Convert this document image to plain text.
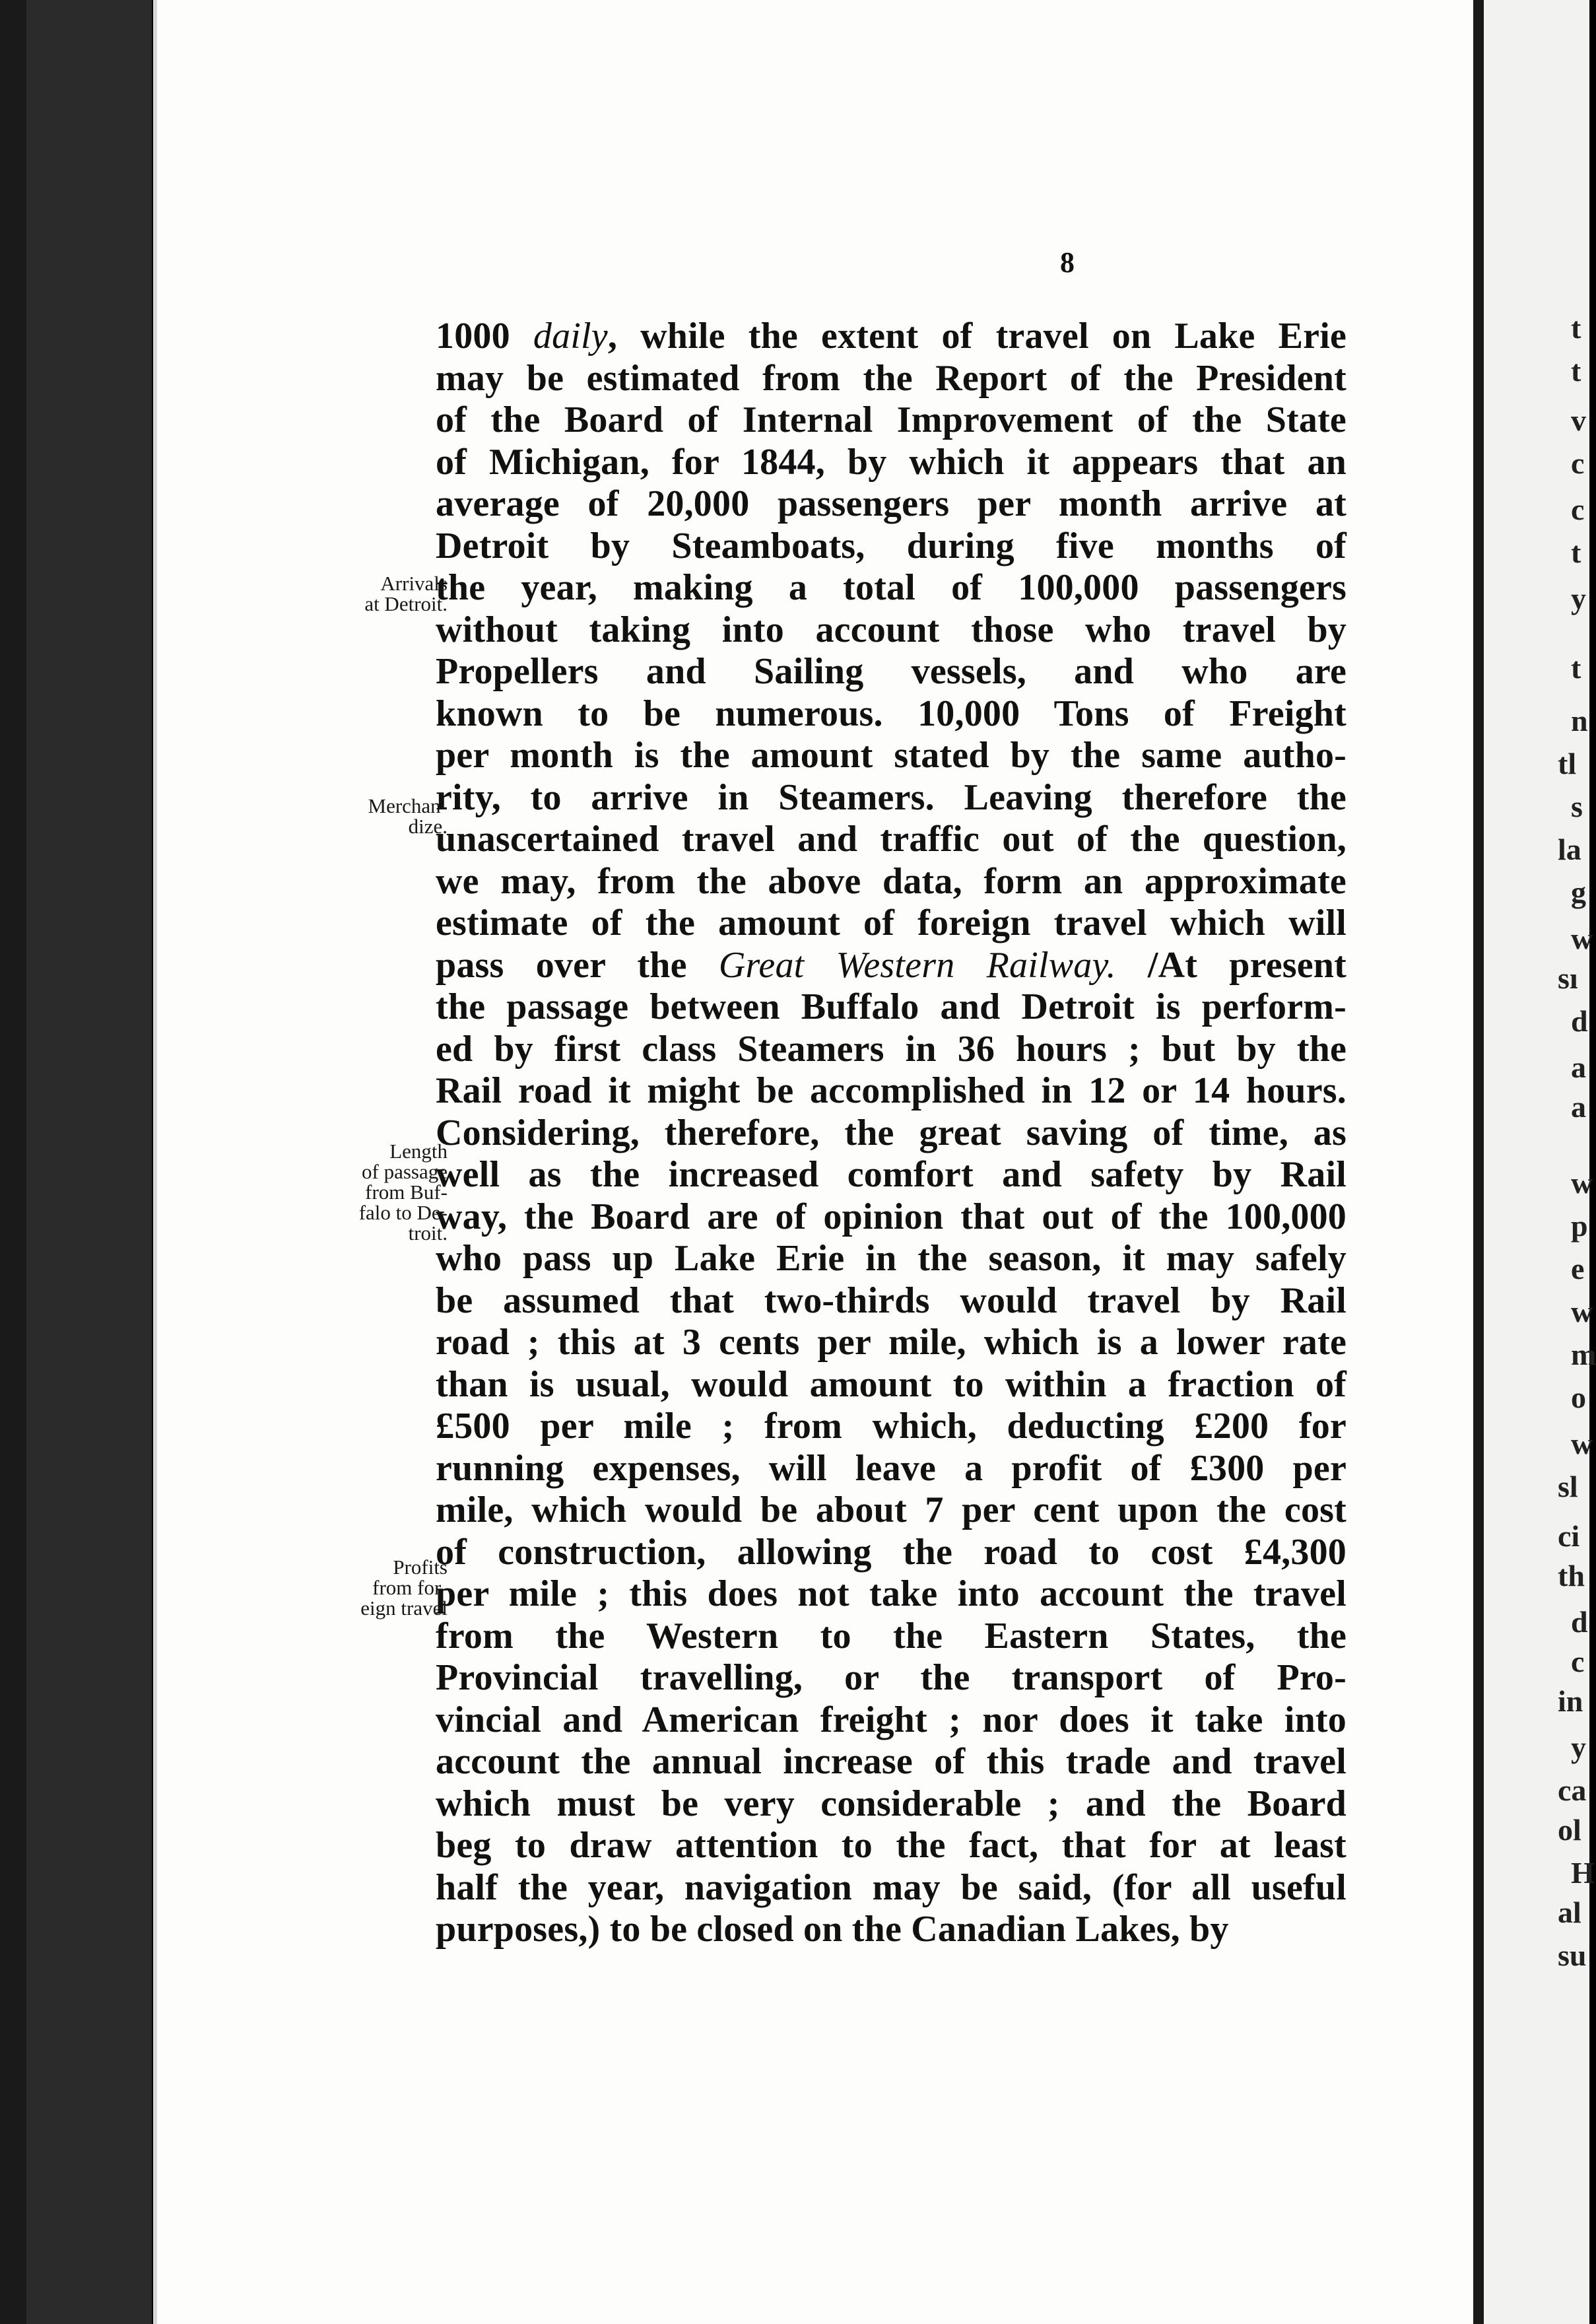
8
1000 daily, while the extent of travel on Lake Erie
may be estimated from the Report of the President
of the Board of Internal Improvement of the State
of Michigan, for 1844, by which it appears that an
average of 20,000 passengers per month arrive at
Detroit by Steamboats, during five months of
the year, making a total of 100,000 passengers
without taking into account those who travel by
Propellers and Sailing vessels, and who are
known to be numerous. 10,000 Tons of Freight
per month is the amount stated by the same autho-
rity, to arrive in Steamers. Leaving therefore the
unascertained travel and traffic out of the question,
we may, from the above data, form an approximate
estimate of the amount of foreign travel which will
pass over the Great Western Railway. /At present
the passage between Buffalo and Detroit is perform-
ed by first class Steamers in 36 hours ; but by the
Rail road it might be accomplished in 12 or 14 hours.
Considering, therefore, the great saving of time, as
well as the increased comfort and safety by Rail
way, the Board are of opinion that out of the 100,000
who pass up Lake Erie in the season, it may safely
be assumed that two-thirds would travel by Rail
road ; this at 3 cents per mile, which is a lower rate
than is usual, would amount to within a fraction of
£500 per mile ; from which, deducting £200 for
running expenses, will leave a profit of £300 per
mile, which would be about 7 per cent upon the cost
of construction, allowing the road to cost £4,300
per mile ; this does not take into account the travel
from the Western to the Eastern States, the
Provincial travelling, or the transport of Pro-
vincial and American freight ; nor does it take into
account the annual increase of this trade and travel
which must be very considerable ; and the Board
beg to draw attention to the fact, that for at least
half the year, navigation may be said, (for all useful
purposes,) to be closed on the Canadian Lakes, by
Arrivals
at Detroit.
Merchan-
dize.
Length
of passage
from Buf-
falo to De-
troit.
Profits
from for-
eign travel
t
t
v
c
c
t
y
t
n
tl
s
la
g
w
sı
d
a
a
w
p
e
w
m
o
w
sl
ci
th
d
c
in
y
ca
ol
H
al
su
